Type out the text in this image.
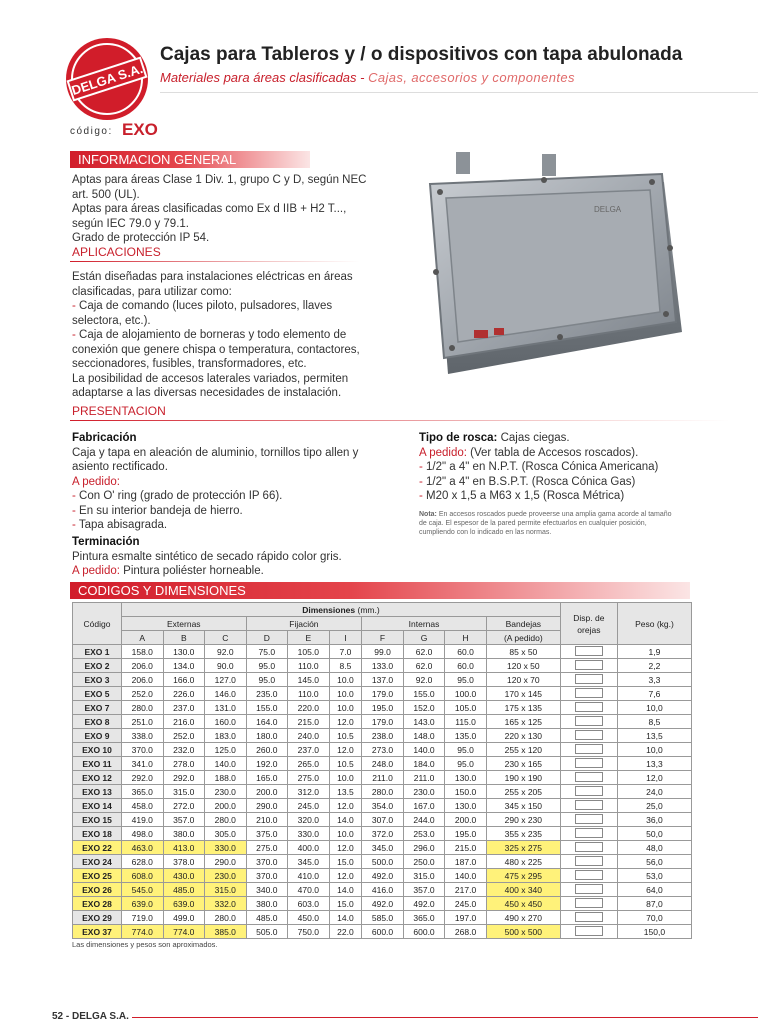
DELGA S.A.
Cajas para Tableros y / o dispositivos con tapa abulonada
Materiales para áreas clasificadas - Cajas, accesorios y componentes
código: EXO
INFORMACION GENERAL
Aptas para áreas Clase 1 Div. 1, grupo C y D, según NEC
art. 500 (UL).
Aptas para áreas clasificadas como Ex d IIB + H2 T...,
según IEC 79.0 y 79.1.
Grado de protección IP 54.
APLICACIONES
Están diseñadas para instalaciones eléctricas en áreas
clasificadas, para utilizar como:
- Caja de comando (luces piloto, pulsadores, llaves
selectora, etc.).
- Caja de alojamiento de borneras y todo elemento de
conexión que genere chispa o temperatura, contactores,
seccionadores, fusibles, transformadores, etc.
La posibilidad de accesos laterales variados, permiten
adaptarse a las diversas necesidades de instalación.
DELGA
PRESENTACION
Fabricación
Caja y tapa en aleación de aluminio, tornillos tipo allen y
asiento rectificado.
A pedido:
- Con O' ring (grado de protección IP 66).
- En su interior bandeja de hierro.
- Tapa abisagrada.
Terminación
Pintura esmalte sintético de secado rápido color gris.
A pedido: Pintura poliéster horneable.
Tipo de rosca: Cajas ciegas.
A pedido: (Ver tabla de Accesos roscados).
- 1/2" a 4" en N.P.T. (Rosca Cónica Americana)
- 1/2" a 4" en B.S.P.T. (Rosca Cónica Gas)
- M20 x 1,5 a M63 x 1,5 (Rosca Métrica)
Nota: En accesos roscados puede proveerse una amplia gama acorde al tamaño
de caja. El espesor de la pared permite efectuarlos en cualquier posición,
cumpliendo con lo indicado en las normas.
CODIGOS Y DIMENSIONES
Código	Dimensiones (mm.)										Disp. de orejas	Peso (kg.)
	Externas			Fijación			Internas			Bandejas		
	A	B	C	D	E	I	F	G	H	(A pedido)		
EXO 1	158.0	130.0	92.0	75.0	105.0	7.0	99.0	62.0	60.0	85 x 50		1,9
EXO 2	206.0	134.0	90.0	95.0	110.0	8.5	133.0	62.0	60.0	120 x 50		2,2
EXO 3	206.0	166.0	127.0	95.0	145.0	10.0	137.0	92.0	95.0	120 x 70		3,3
EXO 5	252.0	226.0	146.0	235.0	110.0	10.0	179.0	155.0	100.0	170 x 145		7,6
EXO 7	280.0	237.0	131.0	155.0	220.0	10.0	195.0	152.0	105.0	175 x 135		10,0
EXO 8	251.0	216.0	160.0	164.0	215.0	12.0	179.0	143.0	115.0	165 x 125		8,5
EXO 9	338.0	252.0	183.0	180.0	240.0	10.5	238.0	148.0	135.0	220 x 130		13,5
EXO 10	370.0	232.0	125.0	260.0	237.0	12.0	273.0	140.0	95.0	255 x 120		10,0
EXO 11	341.0	278.0	140.0	192.0	265.0	10.5	248.0	184.0	95.0	230 x 165		13,3
EXO 12	292.0	292.0	188.0	165.0	275.0	10.0	211.0	211.0	130.0	190 x 190		12,0
EXO 13	365.0	315.0	230.0	200.0	312.0	13.5	280.0	230.0	150.0	255 x 205		24,0
EXO 14	458.0	272.0	200.0	290.0	245.0	12.0	354.0	167.0	130.0	345 x 150		25,0
EXO 15	419.0	357.0	280.0	210.0	320.0	14.0	307.0	244.0	200.0	290 x 230		36,0
EXO 18	498.0	380.0	305.0	375.0	330.0	10.0	372.0	253.0	195.0	355 x 235		50,0
EXO 22	463.0	413.0	330.0	275.0	400.0	12.0	345.0	296.0	215.0	325 x 275		48,0
EXO 24	628.0	378.0	290.0	370.0	345.0	15.0	500.0	250.0	187.0	480 x 225		56,0
EXO 25	608.0	430.0	230.0	370.0	410.0	12.0	492.0	315.0	140.0	475 x 295		53,0
EXO 26	545.0	485.0	315.0	340.0	470.0	14.0	416.0	357.0	217.0	400 x 340		64,0
EXO 28	639.0	639.0	332.0	380.0	603.0	15.0	492.0	492.0	245.0	450 x 450		87,0
EXO 29	719.0	499.0	280.0	485.0	450.0	14.0	585.0	365.0	197.0	490 x 270		70,0
EXO 37	774.0	774.0	385.0	505.0	750.0	22.0	600.0	600.0	268.0	500 x 500		150,0
Las dimensiones y pesos son aproximados.
52 - DELGA S.A.
